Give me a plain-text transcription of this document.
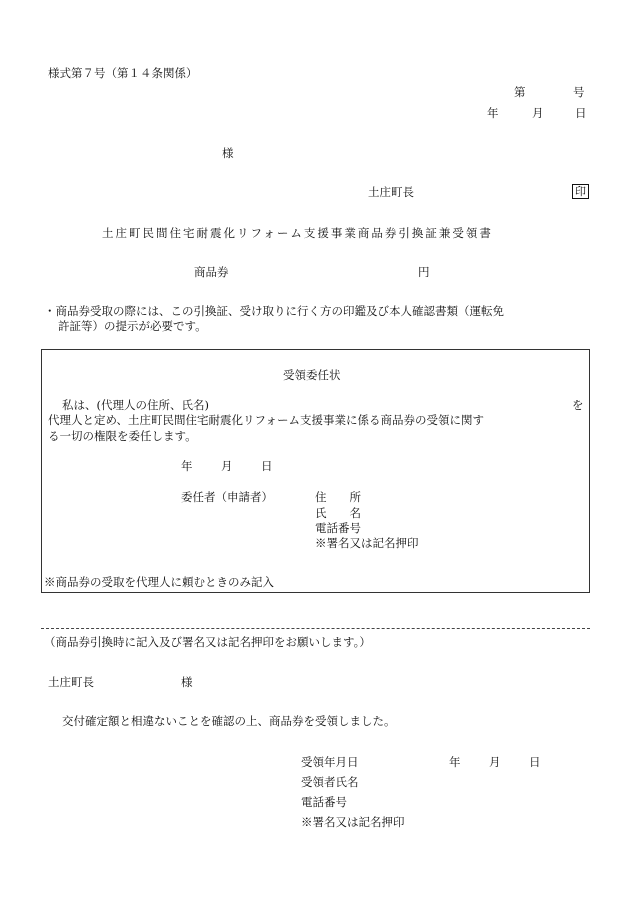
様式第７号（第１４条関係）
第	号
年	月	日
様
土庄町長	印
土庄町民間住宅耐震化リフォーム支援事業商品券引換証兼受領書
商品券	円
・商品券受取の際には、この引換証、受け取りに行く方の印鑑及び本人確認書類（運転免
許証等）の提示が必要です。
受領委任状
私は、(代理人の住所、氏名)	を
代理人と定め、土庄町民間住宅耐震化リフォーム支援事業に係る商品券の受領に関す
る一切の権限を委任します。
年 月 日
委任者（申請者）	住　　所
氏　　名
電話番号
※署名又は記名押印
※商品券の受取を代理人に頼むときのみ記入
（商品券引換時に記入及び署名又は記名押印をお願いします。）
土庄町長	様
交付確定額と相違ないことを確認の上、商品券を受領しました。
受領年月日	年 月 日
受領者氏名
電話番号
※署名又は記名押印
